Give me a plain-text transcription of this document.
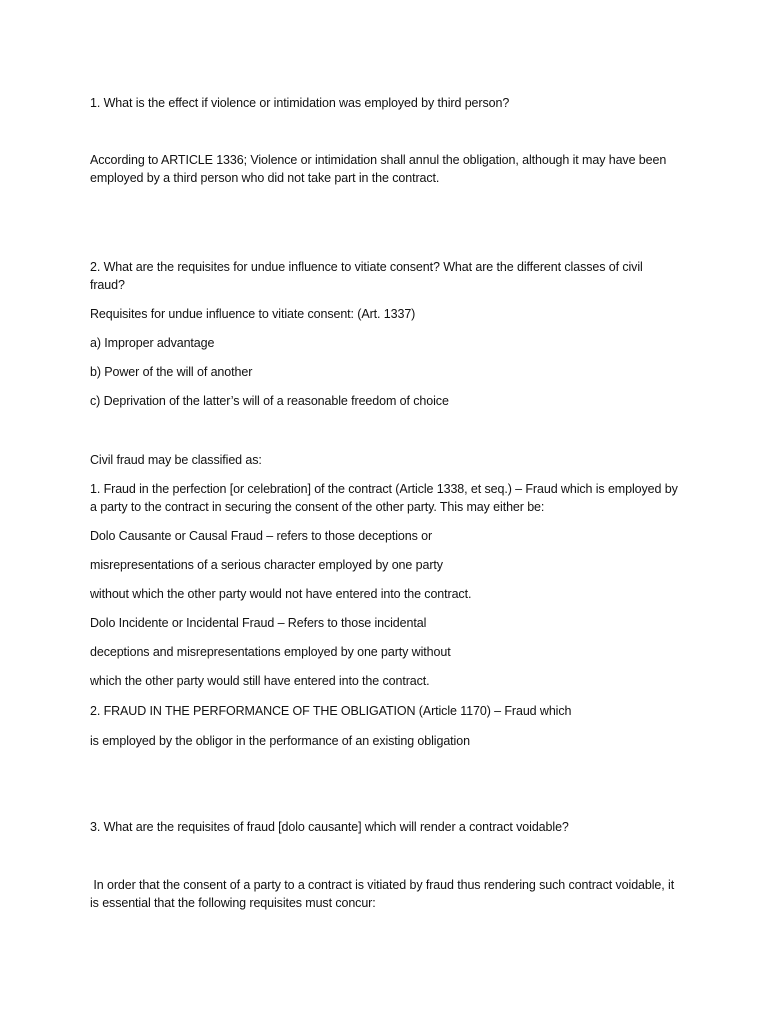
1. What is the effect if violence or intimidation was employed by third person?
According to ARTICLE 1336; Violence or intimidation shall annul the obligation, although it may have been employed by a third person who did not take part in the contract.
2. What are the requisites for undue influence to vitiate consent? What are the different classes of civil fraud?
Requisites for undue influence to vitiate consent: (Art. 1337)
a) Improper advantage
b) Power of the will of another
c) Deprivation of the latter’s will of a reasonable freedom of choice
Civil fraud may be classified as:
1. Fraud in the perfection [or celebration] of the contract (Article 1338, et seq.) – Fraud which is employed by a party to the contract in securing the consent of the other party. This may either be:
Dolo Causante or Causal Fraud – refers to those deceptions or
misrepresentations of a serious character employed by one party
without which the other party would not have entered into the contract.
Dolo Incidente or Incidental Fraud – Refers to those incidental
deceptions and misrepresentations employed by one party without
which the other party would still have entered into the contract.
2. FRAUD IN THE PERFORMANCE OF THE OBLIGATION (Article 1170) – Fraud which
is employed by the obligor in the performance of an existing obligation
3. What are the requisites of fraud [dolo causante] which will render a contract voidable?
In order that the consent of a party to a contract is vitiated by fraud thus rendering such contract voidable, it is essential that the following requisites must concur:
